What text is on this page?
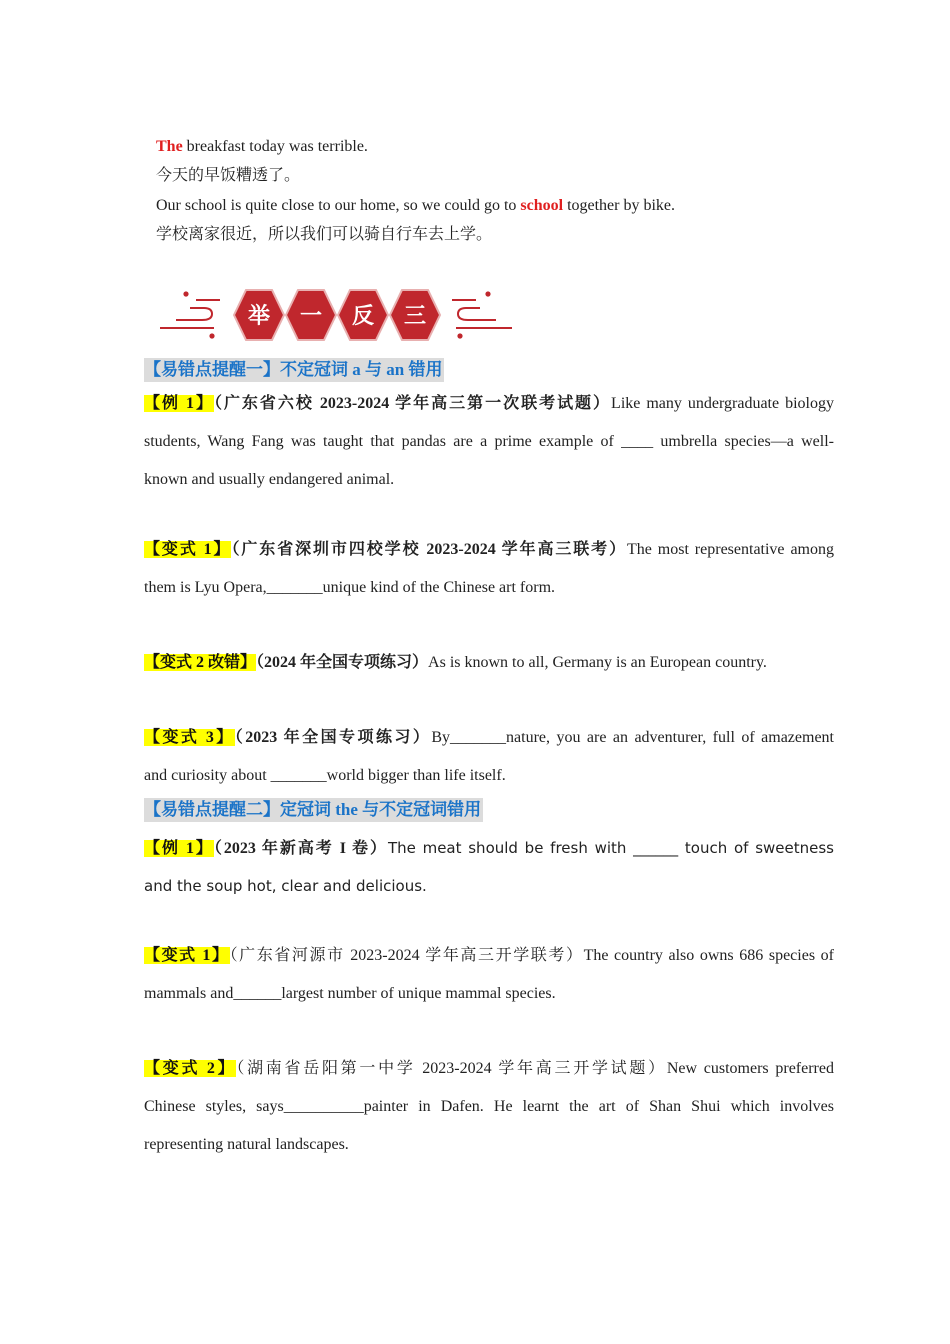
The breakfast today was terrible.
今天的早饭糟透了。
Our school is quite close to our home, so we could go to school together by bike.
学校离家很近，所以我们可以骑自行车去上学。
举 一 反 三
【易错点提醒一】不定冠词 a 与 an 错用
【例 1】（广东省六校 2023-2024 学年高三第一次联考试题）Like many undergraduate biology
students, Wang Fang was taught that pandas are a prime example of ____ umbrella species—a well-
known and usually endangered animal.
【变式 1】（广东省深圳市四校学校 2023-2024 学年高三联考）The most representative among
them is Lyu Opera,_______unique kind of the Chinese art form.
【变式 2 改错】（2024 年全国专项练习）As is known to all, Germany is an European country.
【变式 3】（2023 年全国专项练习）By_______nature, you are an adventurer, full of amazement
and curiosity about _______world bigger than life itself.
【易错点提醒二】定冠词 the 与不定冠词错用
【例 1】（2023 年新高考 I 卷）The meat should be fresh with ______ touch of sweetness
and the soup hot, clear and delicious.
【变式 1】（广东省河源市 2023-2024 学年高三开学联考）The country also owns 686 species of
mammals and______largest number of unique mammal species.
【变式 2】（湖南省岳阳第一中学 2023-2024 学年高三开学试题）New customers preferred
Chinese styles, says__________painter in Dafen. He learnt the art of Shan Shui which involves
representing natural landscapes.
